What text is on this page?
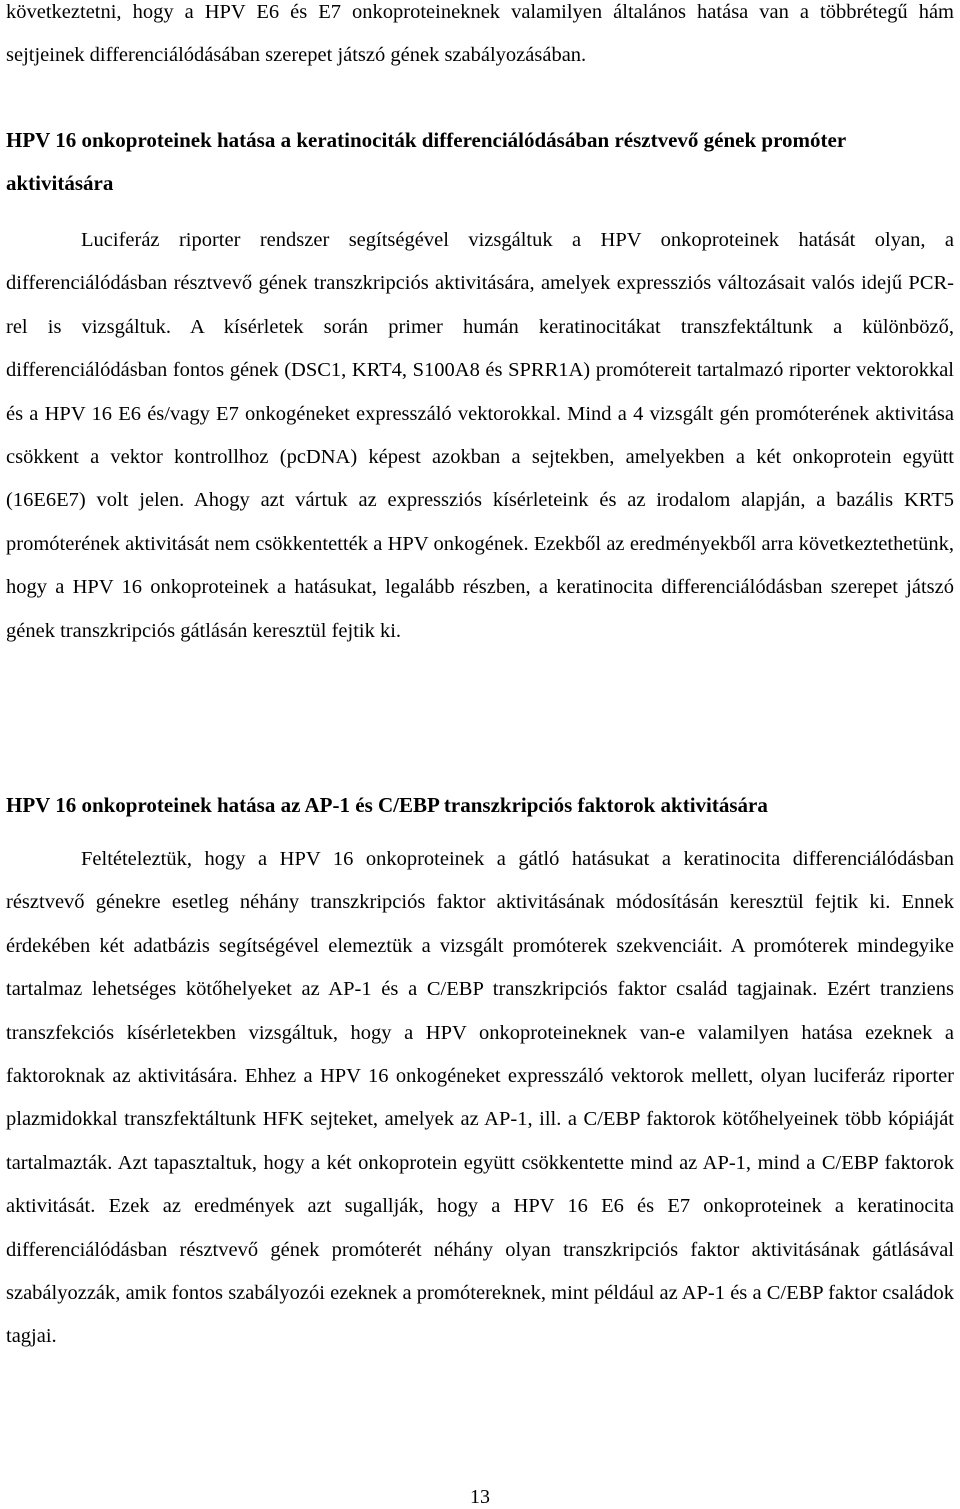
következtetni, hogy a HPV E6 és E7 onkoproteineknek valamilyen általános hatása van a többrétegű hám sejtjeinek differenciálódásában szerepet játszó gének szabályozásában.

HPV 16 onkoproteinek hatása a keratinociták differenciálódásában résztvevő gének promóter aktivitására

Luciferáz riporter rendszer segítségével vizsgáltuk a HPV onkoproteinek hatását olyan, a differenciálódásban résztvevő gének transzkripciós aktivitására, amelyek expressziós változásait valós idejű PCR-rel is vizsgáltuk. A kísérletek során primer humán keratinocitákat transzfektáltunk a különböző, differenciálódásban fontos gének (DSC1, KRT4, S100A8 és SPRR1A) promótereit tartalmazó riporter vektorokkal és a HPV 16 E6 és/vagy E7 onkogéneket expresszáló vektorokkal. Mind a 4 vizsgált gén promóterének aktivitása csökkent a vektor kontrollhoz (pcDNA) képest azokban a sejtekben, amelyekben a két onkoprotein együtt (16E6E7) volt jelen. Ahogy azt vártuk az expressziós kísérleteink és az irodalom alapján, a bazális KRT5 promóterének aktivitását nem csökkentették a HPV onkogének. Ezekből az eredményekből arra következtethetünk, hogy a HPV 16 onkoproteinek a hatásukat, legalább részben, a keratinocita differenciálódásban szerepet játszó gének transzkripciós gátlásán keresztül fejtik ki.

HPV 16 onkoproteinek hatása az AP-1 és C/EBP transzkripciós faktorok aktivitására

Feltételeztük, hogy a HPV 16 onkoproteinek a gátló hatásukat a keratinocita differenciálódásban résztvevő génekre esetleg néhány transzkripciós faktor aktivitásának módosításán keresztül fejtik ki. Ennek érdekében két adatbázis segítségével elemeztük a vizsgált promóterek szekvenciáit. A promóterek mindegyike tartalmaz lehetséges kötőhelyeket az AP-1 és a C/EBP transzkripciós faktor család tagjainak. Ezért tranziens transzfekciós kísérletekben vizsgáltuk, hogy a HPV onkoproteineknek van-e valamilyen hatása ezeknek a faktoroknak az aktivitására. Ehhez a HPV 16 onkogéneket expresszáló vektorok mellett, olyan luciferáz riporter plazmidokkal transzfektáltunk HFK sejteket, amelyek az AP-1, ill. a C/EBP faktorok kötőhelyeinek több kópiáját tartalmazták. Azt tapasztaltuk, hogy a két onkoprotein együtt csökkentette mind az AP-1, mind a C/EBP faktorok aktivitását. Ezek az eredmények azt sugallják, hogy a HPV 16 E6 és E7 onkoproteinek a keratinocita differenciálódásban résztvevő gének promóterét néhány olyan transzkripciós faktor aktivitásának gátlásával szabályozzák, amik fontos szabályozói ezeknek a promótereknek, mint például az AP-1 és a C/EBP faktor családok tagjai.

13
